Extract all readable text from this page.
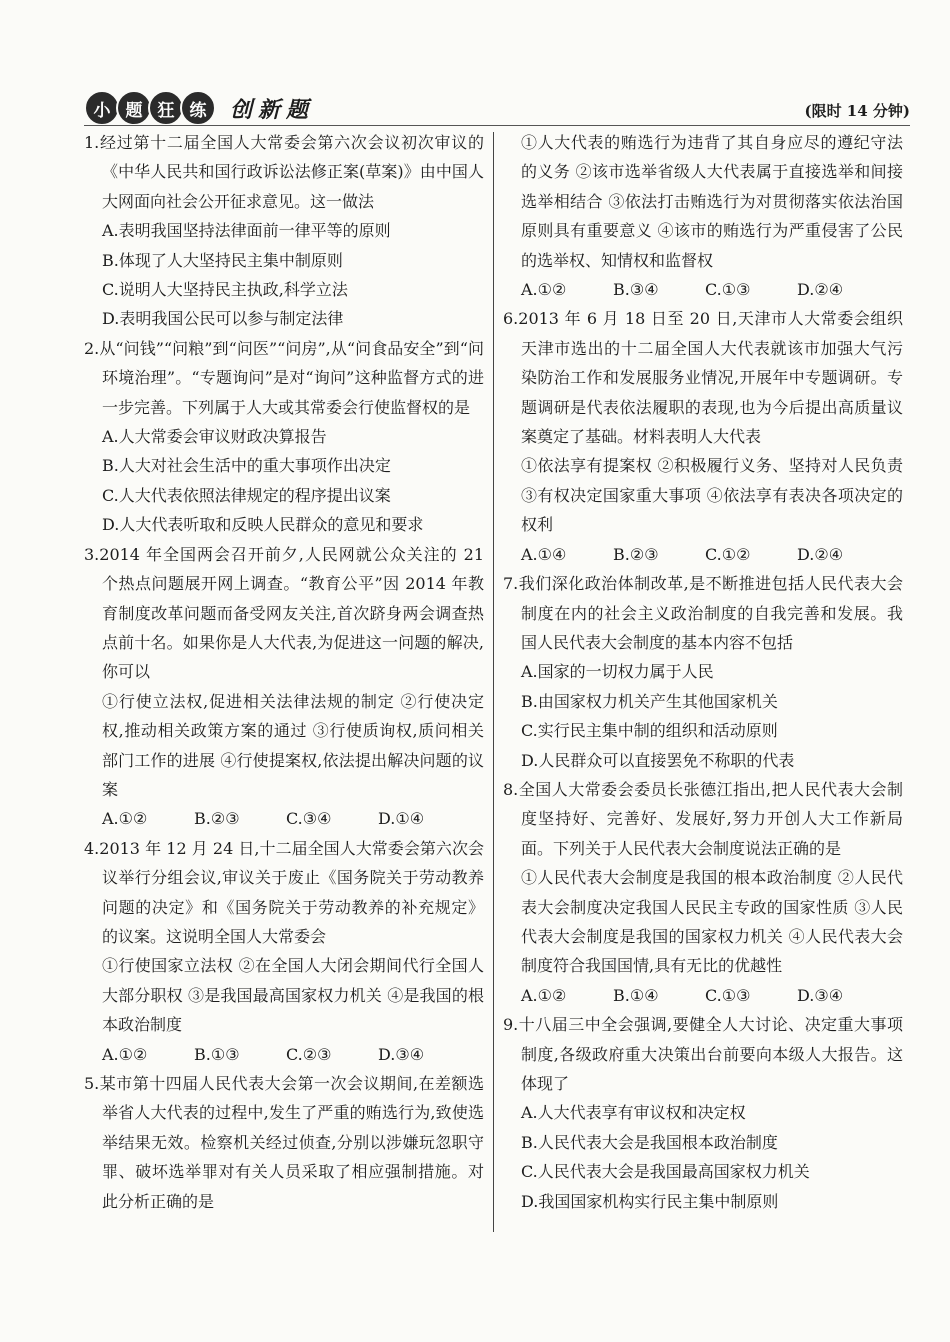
小 题 狂 练	创新题	(限时 14 分钟)
1.经过第十二届全国人大常委会第六次会议初次审议的《中华人民共和国行政诉讼法修正案(草案)》由中国人大网面向社会公开征求意见。这一做法
A.表明我国坚持法律面前一律平等的原则
B.体现了人大坚持民主集中制原则
C.说明人大坚持民主执政,科学立法
D.表明我国公民可以参与制定法律
2.从“问钱”“问粮”到“问医”“问房”,从“问食品安全”到“问环境治理”。“专题询问”是对“询问”这种监督方式的进一步完善。下列属于人大或其常委会行使监督权的是
A.人大常委会审议财政决算报告
B.人大对社会生活中的重大事项作出决定
C.人大代表依照法律规定的程序提出议案
D.人大代表听取和反映人民群众的意见和要求
3.2014 年全国两会召开前夕,人民网就公众关注的 21 个热点问题展开网上调查。“教育公平”因 2014 年教育制度改革问题而备受网友关注,首次跻身两会调查热点前十名。如果你是人大代表,为促进这一问题的解决,你可以
①行使立法权,促进相关法律法规的制定 ②行使决定权,推动相关政策方案的通过 ③行使质询权,质问相关部门工作的进展 ④行使提案权,依法提出解决问题的议案
A.①②	B.②③	C.③④	D.①④
4.2013 年 12 月 24 日,十二届全国人大常委会第六次会议举行分组会议,审议关于废止《国务院关于劳动教养问题的决定》和《国务院关于劳动教养的补充规定》的议案。这说明全国人大常委会
①行使国家立法权 ②在全国人大闭会期间代行全国人大部分职权 ③是我国最高国家权力机关 ④是我国的根本政治制度
A.①②	B.①③	C.②③	D.③④
5.某市第十四届人民代表大会第一次会议期间,在差额选举省人大代表的过程中,发生了严重的贿选行为,致使选举结果无效。检察机关经过侦查,分别以涉嫌玩忽职守罪、破坏选举罪对有关人员采取了相应强制措施。对此分析正确的是
①人大代表的贿选行为违背了其自身应尽的遵纪守法的义务 ②该市选举省级人大代表属于直接选举和间接选举相结合 ③依法打击贿选行为对贯彻落实依法治国原则具有重要意义 ④该市的贿选行为严重侵害了公民的选举权、知情权和监督权
A.①②	B.③④	C.①③	D.②④
6.2013 年 6 月 18 日至 20 日,天津市人大常委会组织天津市选出的十二届全国人大代表就该市加强大气污染防治工作和发展服务业情况,开展年中专题调研。专题调研是代表依法履职的表现,也为今后提出高质量议案奠定了基础。材料表明人大代表
①依法享有提案权 ②积极履行义务、坚持对人民负责 ③有权决定国家重大事项 ④依法享有表决各项决定的权利
A.①④	B.②③	C.①②	D.②④
7.我们深化政治体制改革,是不断推进包括人民代表大会制度在内的社会主义政治制度的自我完善和发展。我国人民代表大会制度的基本内容不包括
A.国家的一切权力属于人民
B.由国家权力机关产生其他国家机关
C.实行民主集中制的组织和活动原则
D.人民群众可以直接罢免不称职的代表
8.全国人大常委会委员长张德江指出,把人民代表大会制度坚持好、完善好、发展好,努力开创人大工作新局面。下列关于人民代表大会制度说法正确的是
①人民代表大会制度是我国的根本政治制度 ②人民代表大会制度决定我国人民民主专政的国家性质 ③人民代表大会制度是我国的国家权力机关 ④人民代表大会制度符合我国国情,具有无比的优越性
A.①②	B.①④	C.①③	D.③④
9.十八届三中全会强调,要健全人大讨论、决定重大事项制度,各级政府重大决策出台前要向本级人大报告。这体现了
A.人大代表享有审议权和决定权
B.人民代表大会是我国根本政治制度
C.人民代表大会是我国最高国家权力机关
D.我国国家机构实行民主集中制原则
